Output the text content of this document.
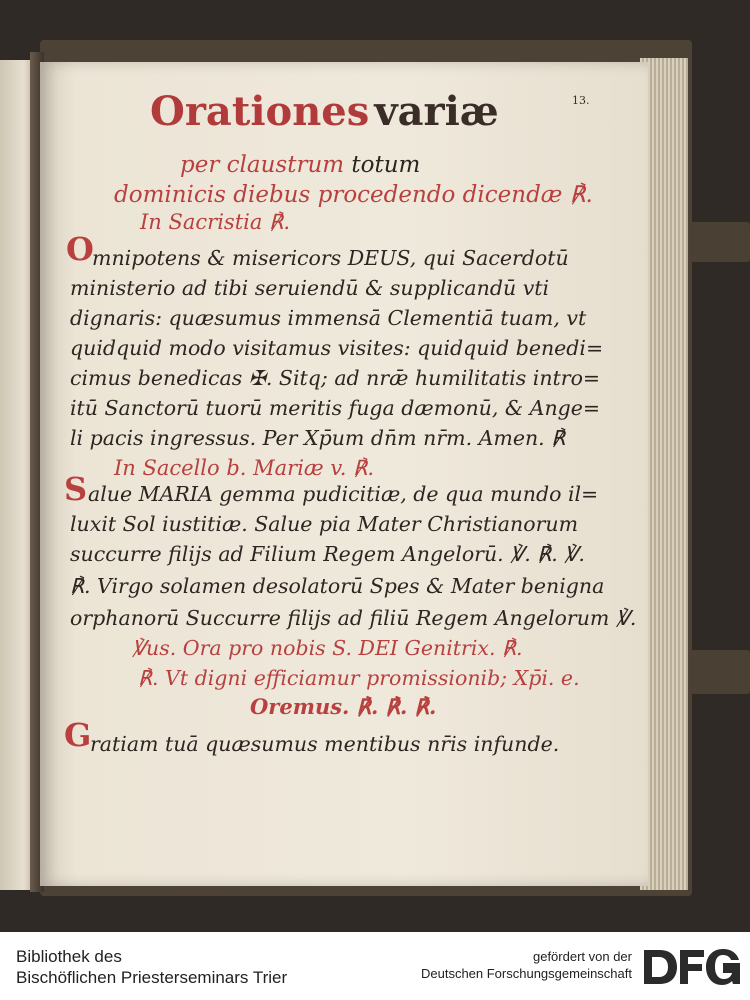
13.
Orationes variæ
per claustrum totum
dominicis diebus procedendo dicendæ ℟.
In Sacristia ℟.
O
mnipotens & misericors DEUS, qui Sacerdotū
ministerio ad tibi seruiendū & supplicandū vti
dignaris: quæsumus immensā Clementiā tuam, vt
quidquid modo visitamus visites: quidquid benedi=
cimus benedicas ✠. Sitq; ad nrǣ humilitatis intro=
itū Sanctorū tuorū meritis fuga dæmonū, & Ange=
li pacis ingressus. Per Xp̄um dn̄m nr̄m. Amen. ℟
In Sacello b. Mariæ v. ℟.
S alue MARIA gemma pudicitiæ, de qua mundo il=
luxit Sol iustitiæ. Salue pia Mater Christianorum
succurre filijs ad Filium Regem Angelorū. ℣. ℟. ℣.
℟. Virgo solamen desolatorū Spes & Mater benigna
orphanorū Succurre filijs ad filiū Regem Angelorum ℣.
℣us. Ora pro nobis S. DEI Genitrix. ℟.
℟. Vt digni efficiamur promissionib; Xp̄i. e.
Oremus. ℟. ℟. ℟.
G
ratiam tuā quæsumus mentibus nr̄is infunde.
Bibliothek des
Bischöflichen Priesterseminars Trier
gefördert von der
Deutschen Forschungsgemeinschaft
